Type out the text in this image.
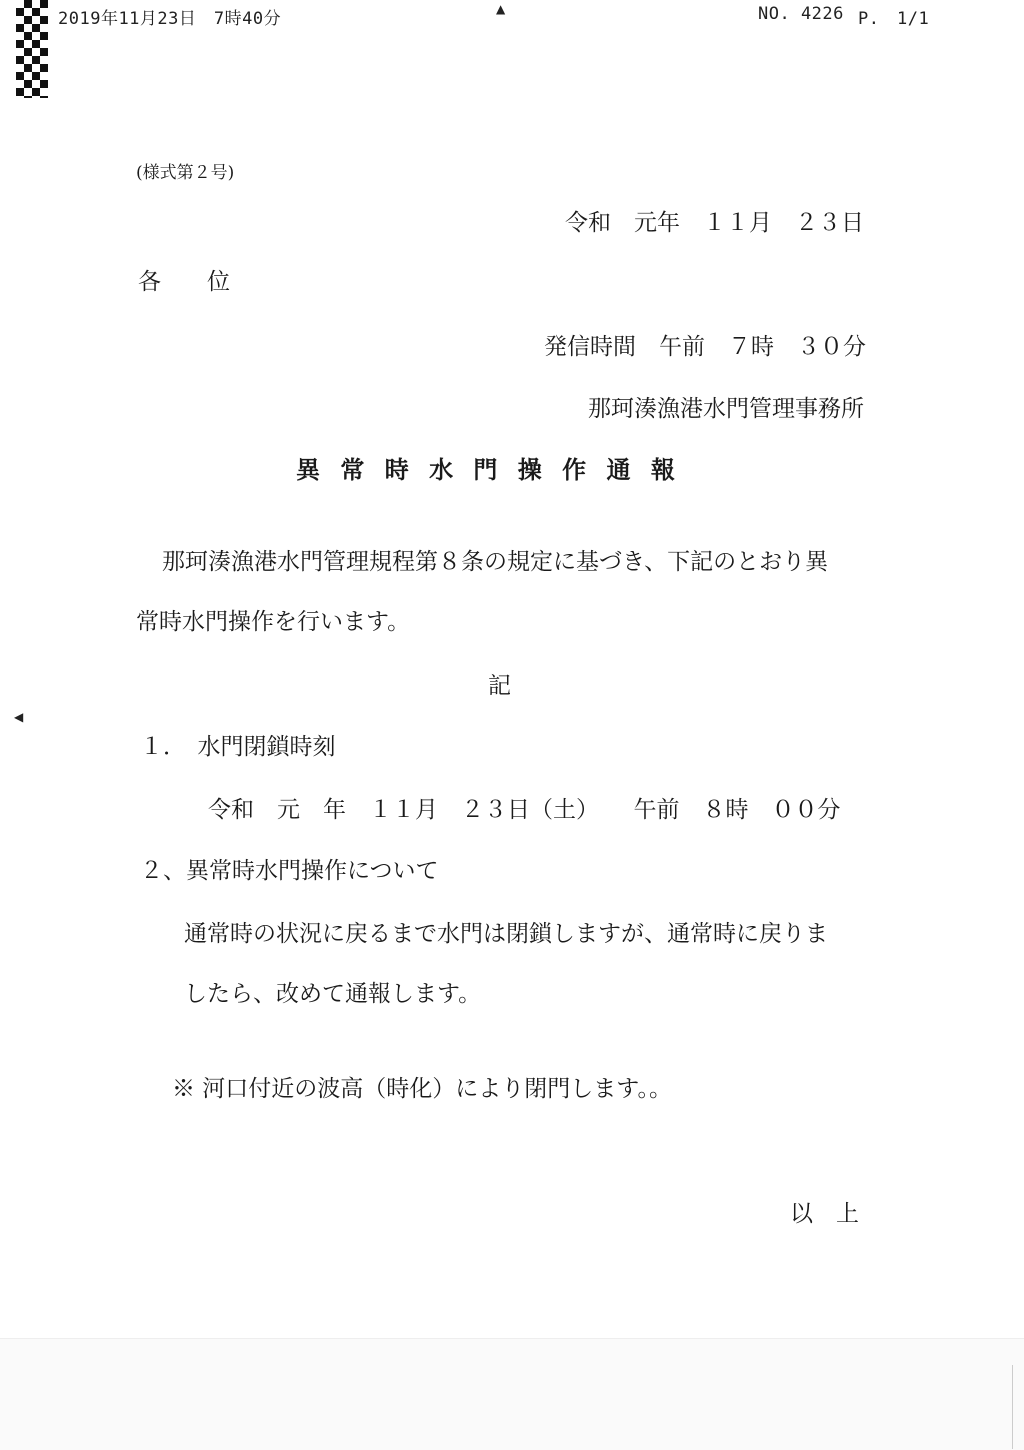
2019年11月23日　7時40分	▲	NO. 4226 P.　1/1
(様式第２号)
令和　元年　１１月　２３日
各　　位
発信時間　午前　７時　３０分
那珂湊漁港水門管理事務所
異 常 時 水 門 操 作 通 報
那珂湊漁港水門管理規程第８条の規定に基づき、下記のとおり異
常時水門操作を行います。
記
◀
１．　水門閉鎖時刻
令和　元　年　１１月　２３日（土）　　午前　８時　００分
２、異常時水門操作について
通常時の状況に戻るまで水門は閉鎖しますが、通常時に戻りま
したら、改めて通報します。
※ 河口付近の波高（時化）により閉門します。。
以　上
